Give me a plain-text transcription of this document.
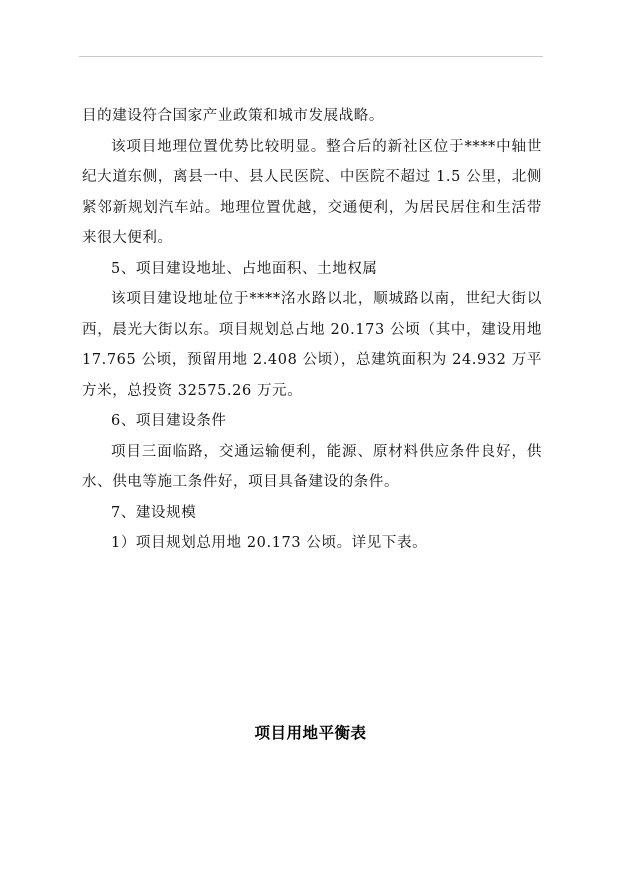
目的建设符合国家产业政策和城市发展战略。

该项目地理位置优势比较明显。整合后的新社区位于****中轴世纪大道东侧，离县一中、县人民医院、中医院不超过 1.5 公里，北侧紧邻新规划汽车站。地理位置优越，交通便利，为居民居住和生活带来很大便利。

5、项目建设地址、占地面积、土地权属

该项目建设地址位于****洺水路以北，顺城路以南，世纪大街以西，晨光大街以东。项目规划总占地 20.173 公顷（其中，建设用地 17.765 公顷，预留用地 2.408 公顷），总建筑面积为 24.932 万平方米，总投资 32575.26 万元。

6、项目建设条件

项目三面临路，交通运输便利，能源、原材料供应条件良好，供水、供电等施工条件好，项目具备建设的条件。

7、建设规模

1）项目规划总用地 20.173 公顷。详见下表。

项目用地平衡表
